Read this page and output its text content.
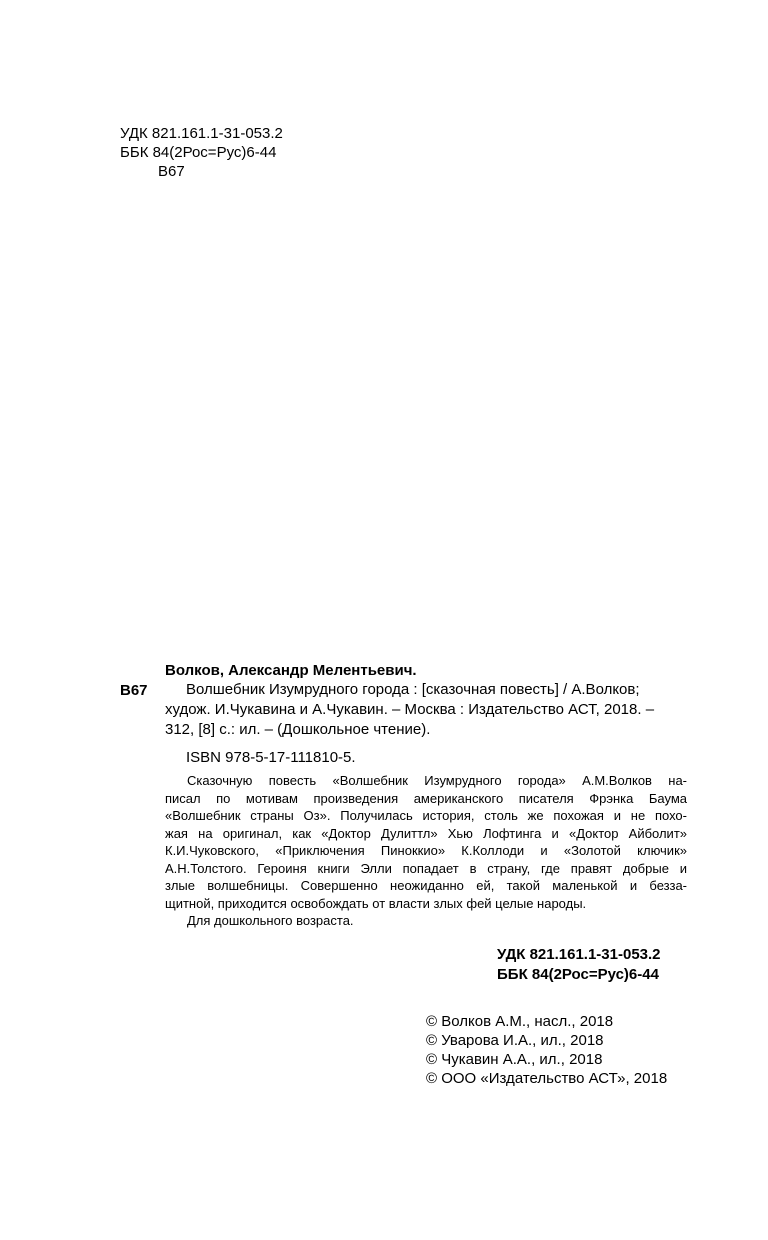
УДК 821.161.1-31-053.2
ББК 84(2Рос=Рус)6-44
В67
Волков, Александр Мелентьевич.
В67	Волшебник Изумрудного города : [сказочная повесть] / А.Волков;
худож. И.Чукавина и А.Чукавин. – Москва : Издательство АСТ, 2018. –
312, [8] с.: ил. – (Дошкольное чтение).
ISBN 978-5-17-111810-5.
Сказочную повесть «Волшебник Изумрудного города» А.М.Волков на-
писал по мотивам произведения американского писателя Фрэнка Баума
«Волшебник страны Оз». Получилась история, столь же похожая и не похо-
жая на оригинал, как «Доктор Дулиттл» Хью Лофтинга и «Доктор Айболит»
К.И.Чуковского, «Приключения Пиноккио» К.Коллоди и «Золотой ключик»
А.Н.Толстого. Героиня книги Элли попадает в страну, где правят добрые и
злые волшебницы. Совершенно неожиданно ей, такой маленькой и безза-
щитной, приходится освобождать от власти злых фей целые народы.
Для дошкольного возраста.
УДК 821.161.1-31-053.2
ББК 84(2Рос=Рус)6-44
© Волков А.М., насл., 2018
© Уварова И.А., ил., 2018
© Чукавин А.А., ил., 2018
© ООО «Издательство АСТ», 2018
